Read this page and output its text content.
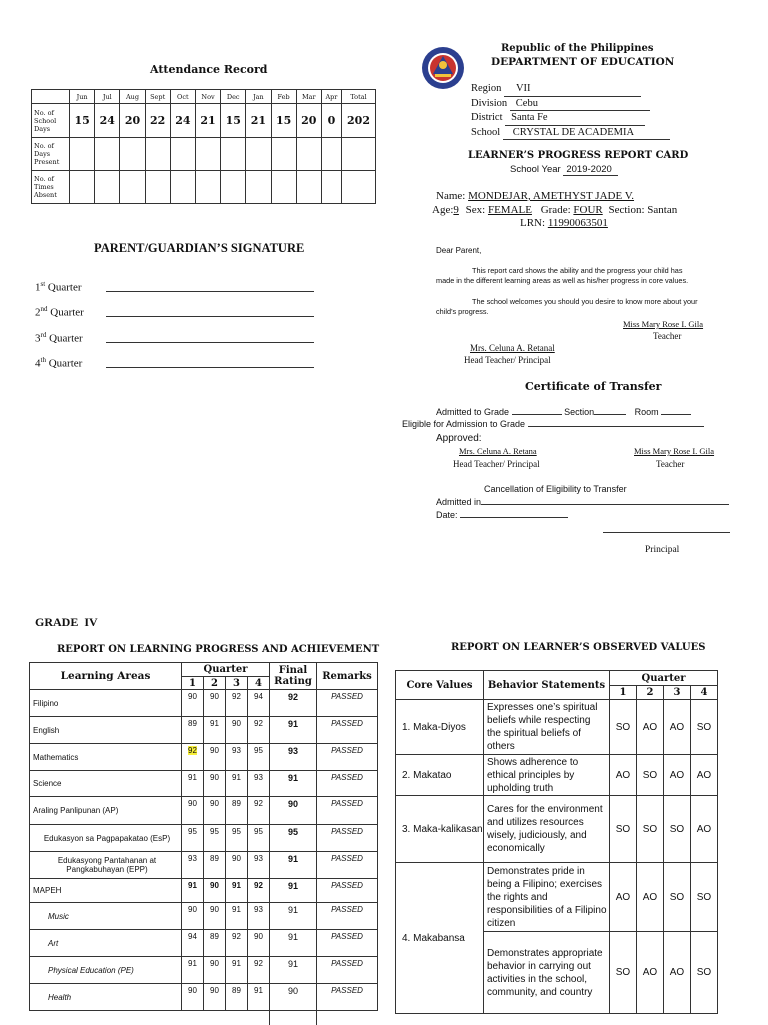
Attendance Record
	Jun	Jul	Aug	Sept	Oct	Nov	Dec	Jan	Feb	Mar	Apr	Total
No. of School Days	15	24	20	22	24	21	15	21	15	20	0	202
No. of Days Present												
No. of Times Absent												
PARENT/GUARDIAN’S SIGNATURE
1st Quarter
2nd Quarter
3rd Quarter
4th Quarter
Republic of the Philippines
DEPARTMENT OF EDUCATION
Region VII
Division Cebu
District Santa Fe
School CRYSTAL DE ACADEMIA
LEARNER’S PROGRESS REPORT CARD
School Year 2019-2020
Name: MONDEJAR, AMETHYST JADE V.
Age:9 Sex: FEMALE Grade: FOUR Section: Santan
LRN: 11990063501
Dear Parent,
This report card shows the ability and the progress your child has
made in the different learning areas as well as his/her progress in core values.
The school welcomes you should you desire to know more about your
child’s progress.
Miss Mary Rose I. Gila
Teacher
Mrs. Celuna A. Retanal
Head Teacher/ Principal
Certificate of Transfer
Admitted to Grade	Section	Room
Eligible for Admission to Grade
Approved:
Mrs. Celuna A. Retana
Head Teacher/ Principal
Miss Mary Rose I. Gila
Teacher
Cancellation of Eligibility to Transfer
Admitted in
Date:
Principal
GRADE  IV
REPORT ON LEARNING PROGRESS AND ACHIEVEMENT	REPORT ON LEARNER’S OBSERVED VALUES
Learning Areas	Quarter				Final Rating	Remarks
	1	2	3	4		
Filipino	90	90	92	94	92	PASSED
English	89	91	90	92	91	PASSED
Mathematics	92	90	93	95	93	PASSED
Science	91	90	91	93	91	PASSED
Araling Panlipunan (AP)	90	90	89	92	90	PASSED
Edukasyon sa Pagpapakatao (EsP)	95	95	95	95	95	PASSED
Edukasyong Pantahanan at Pangkabuhayan (EPP)	93	89	90	93	91	PASSED
MAPEH	91	90	91	92	91	PASSED
Music	90	90	91	93	91	PASSED
Art	94	89	92	90	91	PASSED
Physical Education (PE)	91	90	91	92	91	PASSED
Health	90	90	89	91	90	PASSED

Core Values	Behavior Statements	Quarter			
		1	2	3	4
1. Maka-Diyos	Expresses one’s spiritual beliefs while respecting the spiritual beliefs of others	SO	AO	AO	SO
2. Makatao	Shows adherence to ethical principles by upholding truth	AO	SO	AO	AO
3. Maka-kalikasan	Cares for the environment and utilizes resources wisely, judiciously, and economically	SO	SO	SO	AO
4. Makabansa	Demonstrates pride in being a Filipino; exercises the rights and responsibilities of a Filipino citizen	AO	AO	SO	SO
	Demonstrates appropriate behavior in carrying out activities in the school, community, and country	SO	AO	AO	SO
